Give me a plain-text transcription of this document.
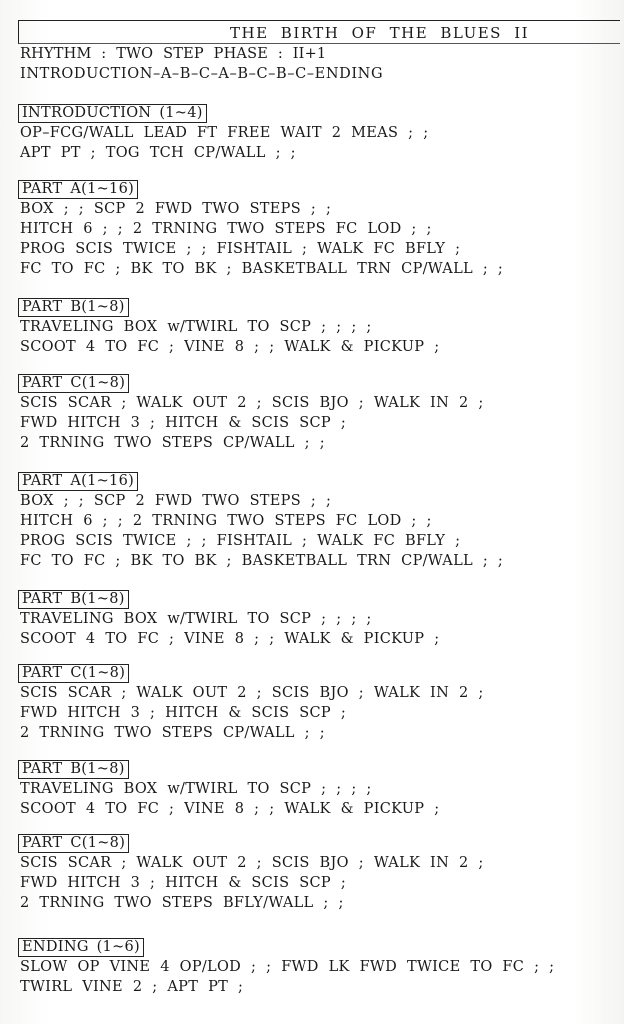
THE BIRTH OF THE BLUES II
RHYTHM : TWO STEP PHASE : II+1
INTRODUCTION–A–B–C–A–B–C–B–C–ENDING
INTRODUCTION (1~4)
OP–FCG/WALL LEAD FT FREE WAIT 2 MEAS ; ;
APT PT ; TOG TCH CP/WALL ; ;
PART A(1~16)
BOX ; ; SCP 2 FWD TWO STEPS ; ;
HITCH 6 ; ; 2 TRNING TWO STEPS FC LOD ; ;
PROG SCIS TWICE ; ; FISHTAIL ; WALK FC BFLY ;
FC TO FC ; BK TO BK ; BASKETBALL TRN CP/WALL ; ;
PART B(1~8)
TRAVELING BOX w/TWIRL TO SCP ; ; ; ;
SCOOT 4 TO FC ; VINE 8 ; ; WALK & PICKUP ;
PART C(1~8)
SCIS SCAR ; WALK OUT 2 ; SCIS BJO ; WALK IN 2 ;
FWD HITCH 3 ; HITCH & SCIS SCP ;
2 TRNING TWO STEPS CP/WALL ; ;
PART A(1~16)
BOX ; ; SCP 2 FWD TWO STEPS ; ;
HITCH 6 ; ; 2 TRNING TWO STEPS FC LOD ; ;
PROG SCIS TWICE ; ; FISHTAIL ; WALK FC BFLY ;
FC TO FC ; BK TO BK ; BASKETBALL TRN CP/WALL ; ;
PART B(1~8)
TRAVELING BOX w/TWIRL TO SCP ; ; ; ;
SCOOT 4 TO FC ; VINE 8 ; ; WALK & PICKUP ;
PART C(1~8)
SCIS SCAR ; WALK OUT 2 ; SCIS BJO ; WALK IN 2 ;
FWD HITCH 3 ; HITCH & SCIS SCP ;
2 TRNING TWO STEPS CP/WALL ; ;
PART B(1~8)
TRAVELING BOX w/TWIRL TO SCP ; ; ; ;
SCOOT 4 TO FC ; VINE 8 ; ; WALK & PICKUP ;
PART C(1~8)
SCIS SCAR ; WALK OUT 2 ; SCIS BJO ; WALK IN 2 ;
FWD HITCH 3 ; HITCH & SCIS SCP ;
2 TRNING TWO STEPS BFLY/WALL ; ;
ENDING (1~6)
SLOW OP VINE 4 OP/LOD ; ; FWD LK FWD TWICE TO FC ; ;
TWIRL VINE 2 ; APT PT ;
